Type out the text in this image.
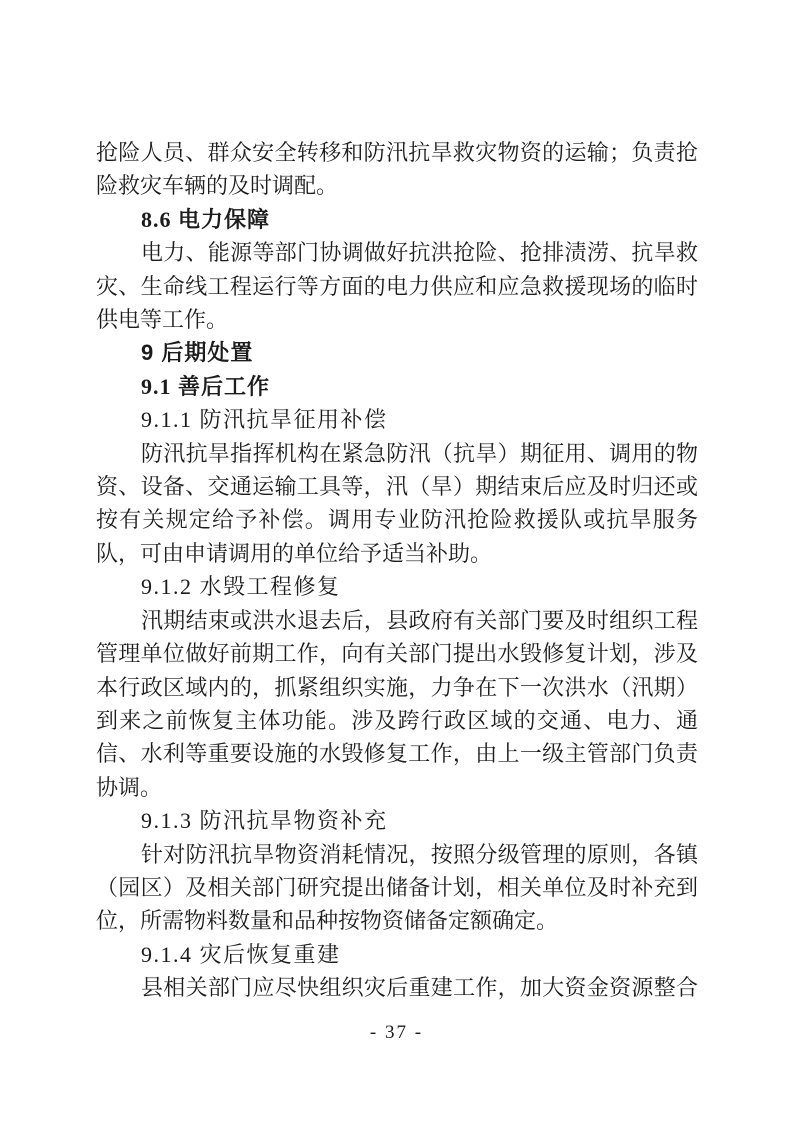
抢险人员、群众安全转移和防汛抗旱救灾物资的运输；负责抢

险救灾车辆的及时调配。

8.6 电力保障

电力、能源等部门协调做好抗洪抢险、抢排渍涝、抗旱救

灾、生命线工程运行等方面的电力供应和应急救援现场的临时

供电等工作。

9 后期处置

9.1 善后工作

9.1.1 防汛抗旱征用补偿

防汛抗旱指挥机构在紧急防汛（抗旱）期征用、调用的物

资、设备、交通运输工具等，汛（旱）期结束后应及时归还或

按有关规定给予补偿。调用专业防汛抢险救援队或抗旱服务

队，可由申请调用的单位给予适当补助。

9.1.2 水毁工程修复

汛期结束或洪水退去后，县政府有关部门要及时组织工程

管理单位做好前期工作，向有关部门提出水毁修复计划，涉及

本行政区域内的，抓紧组织实施，力争在下一次洪水（汛期）

到来之前恢复主体功能。涉及跨行政区域的交通、电力、通

信、水利等重要设施的水毁修复工作，由上一级主管部门负责

协调。

9.1.3 防汛抗旱物资补充

针对防汛抗旱物资消耗情况，按照分级管理的原则，各镇

（园区）及相关部门研究提出储备计划，相关单位及时补充到

位，所需物料数量和品种按物资储备定额确定。

9.1.4 灾后恢复重建

县相关部门应尽快组织灾后重建工作，加大资金资源整合

- 37 -
